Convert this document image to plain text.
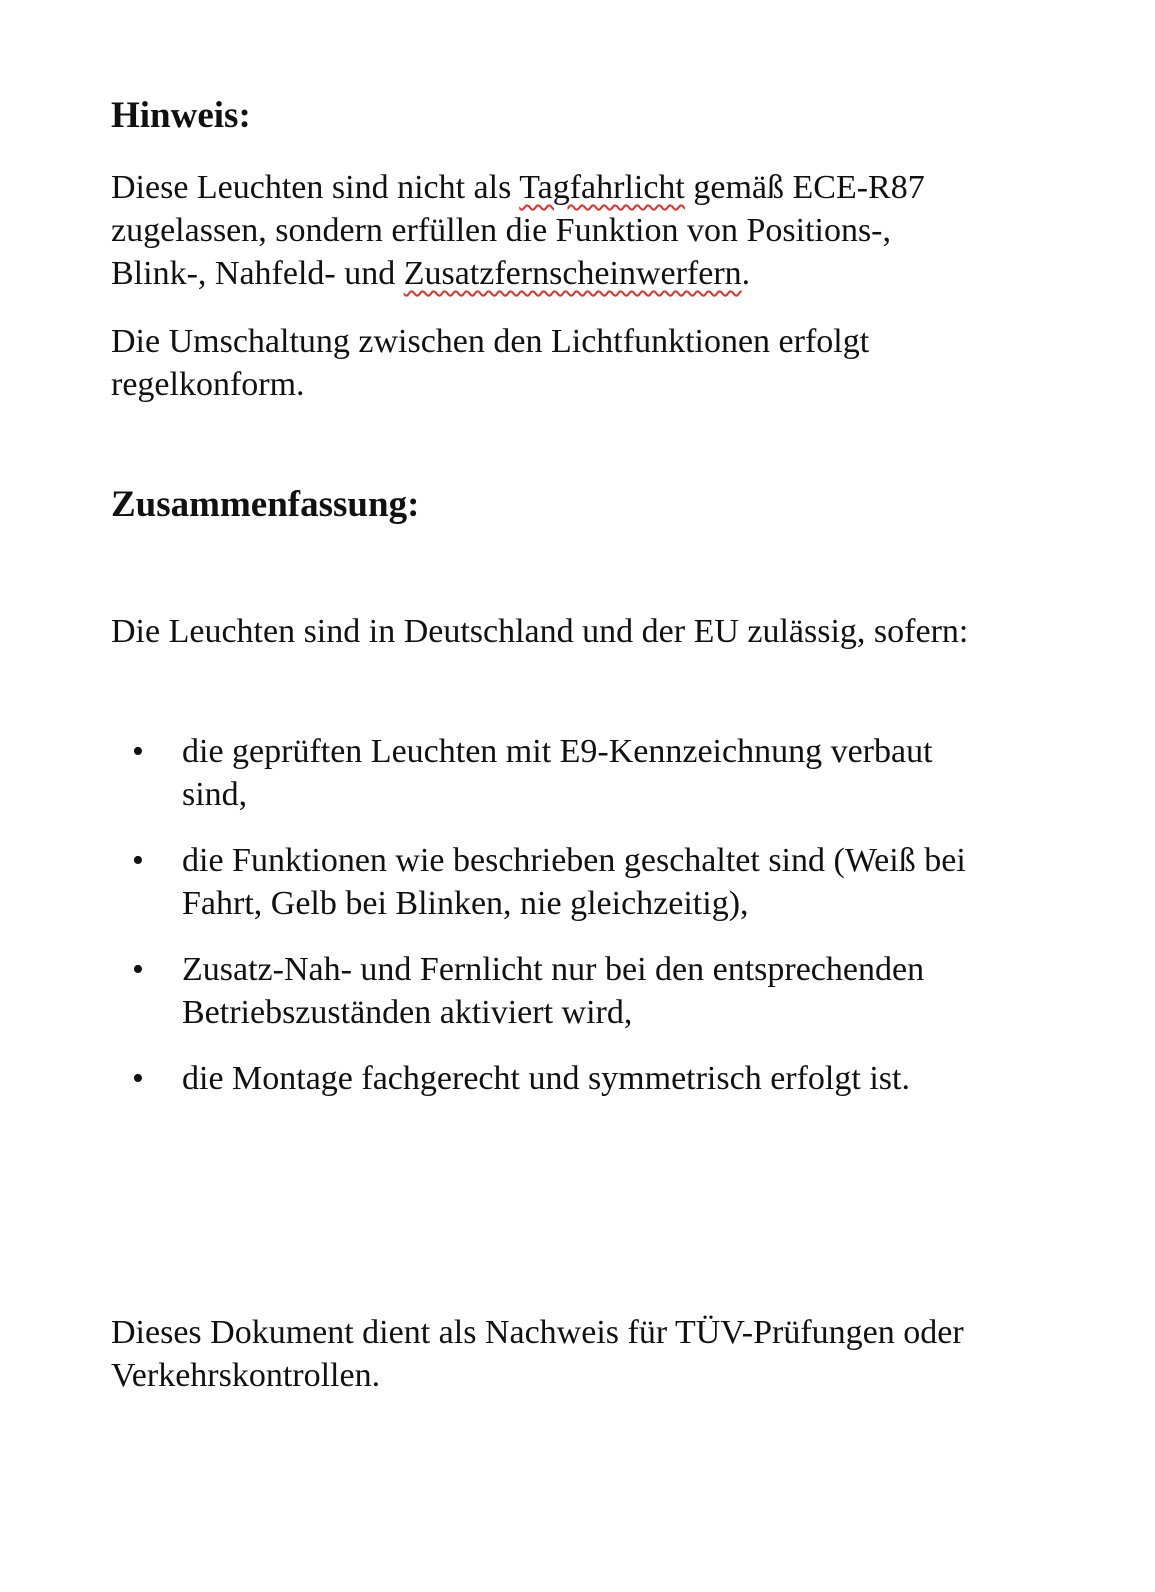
Hinweis:

Diese Leuchten sind nicht als Tagfahrlicht gemäß ECE-R87
zugelassen, sondern erfüllen die Funktion von Positions-,
Blink-, Nahfeld- und Zusatzfernscheinwerfern.

Die Umschaltung zwischen den Lichtfunktionen erfolgt
regelkonform.

Zusammenfassung:

Die Leuchten sind in Deutschland und der EU zulässig, sofern:

• die geprüften Leuchten mit E9-Kennzeichnung verbaut
sind,
• die Funktionen wie beschrieben geschaltet sind (Weiß bei
Fahrt, Gelb bei Blinken, nie gleichzeitig),
• Zusatz-Nah- und Fernlicht nur bei den entsprechenden
Betriebszuständen aktiviert wird,
• die Montage fachgerecht und symmetrisch erfolgt ist.

Dieses Dokument dient als Nachweis für TÜV-Prüfungen oder
Verkehrskontrollen.
